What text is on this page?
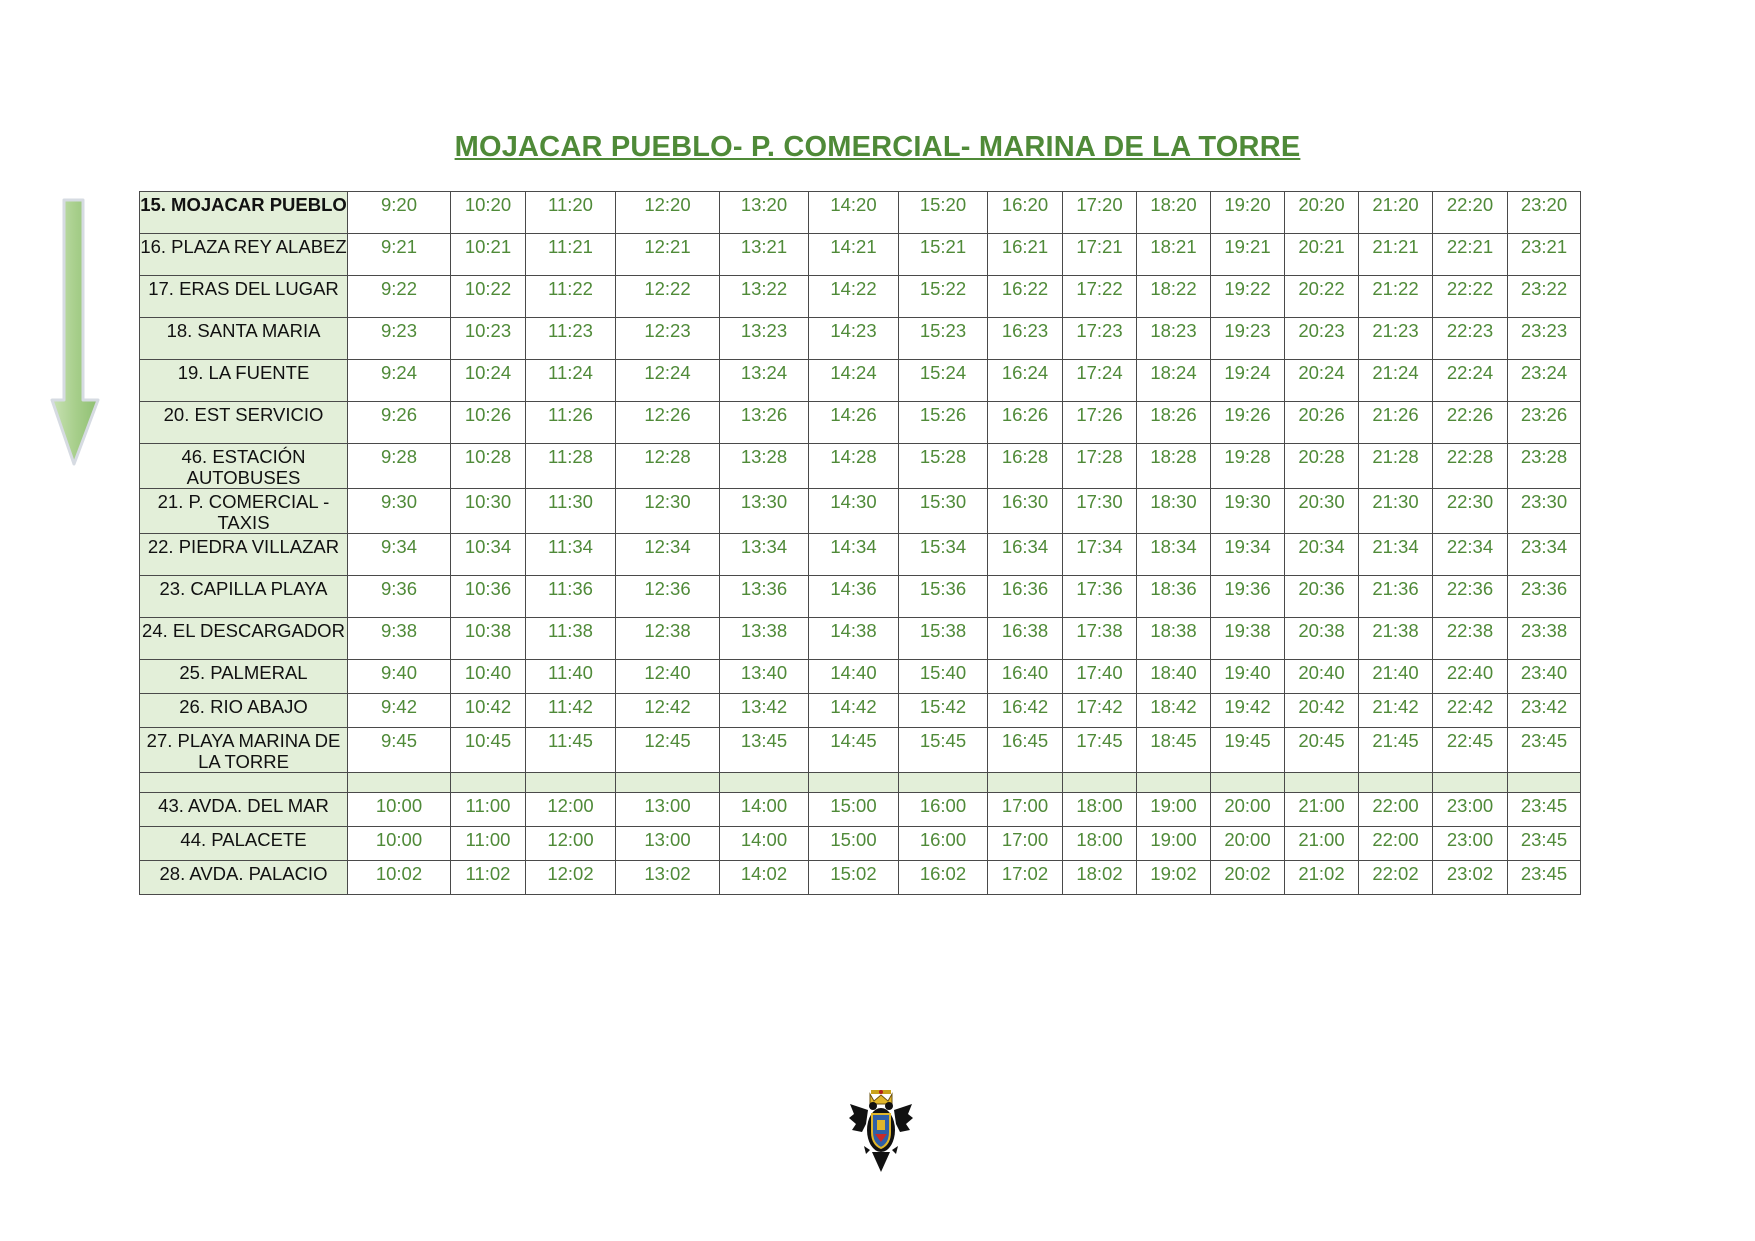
MOJACAR PUEBLO- P. COMERCIAL- MARINA DE LA TORRE
15. MOJACAR PUEBLO	9:20	10:20	11:20	12:20	13:20	14:20	15:20	16:20	17:20	18:20	19:20	20:20	21:20	22:20	23:20
16. PLAZA REY ALABEZ	9:21	10:21	11:21	12:21	13:21	14:21	15:21	16:21	17:21	18:21	19:21	20:21	21:21	22:21	23:21
17. ERAS DEL LUGAR	9:22	10:22	11:22	12:22	13:22	14:22	15:22	16:22	17:22	18:22	19:22	20:22	21:22	22:22	23:22
18. SANTA MARIA	9:23	10:23	11:23	12:23	13:23	14:23	15:23	16:23	17:23	18:23	19:23	20:23	21:23	22:23	23:23
19. LA FUENTE	9:24	10:24	11:24	12:24	13:24	14:24	15:24	16:24	17:24	18:24	19:24	20:24	21:24	22:24	23:24
20. EST SERVICIO	9:26	10:26	11:26	12:26	13:26	14:26	15:26	16:26	17:26	18:26	19:26	20:26	21:26	22:26	23:26
46. ESTACIÓN AUTOBUSES	9:28	10:28	11:28	12:28	13:28	14:28	15:28	16:28	17:28	18:28	19:28	20:28	21:28	22:28	23:28
21. P. COMERCIAL - TAXIS	9:30	10:30	11:30	12:30	13:30	14:30	15:30	16:30	17:30	18:30	19:30	20:30	21:30	22:30	23:30
22. PIEDRA VILLAZAR	9:34	10:34	11:34	12:34	13:34	14:34	15:34	16:34	17:34	18:34	19:34	20:34	21:34	22:34	23:34
23. CAPILLA PLAYA	9:36	10:36	11:36	12:36	13:36	14:36	15:36	16:36	17:36	18:36	19:36	20:36	21:36	22:36	23:36
24. EL DESCARGADOR	9:38	10:38	11:38	12:38	13:38	14:38	15:38	16:38	17:38	18:38	19:38	20:38	21:38	22:38	23:38
25. PALMERAL	9:40	10:40	11:40	12:40	13:40	14:40	15:40	16:40	17:40	18:40	19:40	20:40	21:40	22:40	23:40
26. RIO ABAJO	9:42	10:42	11:42	12:42	13:42	14:42	15:42	16:42	17:42	18:42	19:42	20:42	21:42	22:42	23:42
27. PLAYA MARINA DE LA TORRE	9:45	10:45	11:45	12:45	13:45	14:45	15:45	16:45	17:45	18:45	19:45	20:45	21:45	22:45	23:45

43. AVDA. DEL MAR	10:00	11:00	12:00	13:00	14:00	15:00	16:00	17:00	18:00	19:00	20:00	21:00	22:00	23:00	23:45
44. PALACETE	10:00	11:00	12:00	13:00	14:00	15:00	16:00	17:00	18:00	19:00	20:00	21:00	22:00	23:00	23:45
28. AVDA. PALACIO	10:02	11:02	12:02	13:02	14:02	15:02	16:02	17:02	18:02	19:02	20:02	21:02	22:02	23:02	23:45
